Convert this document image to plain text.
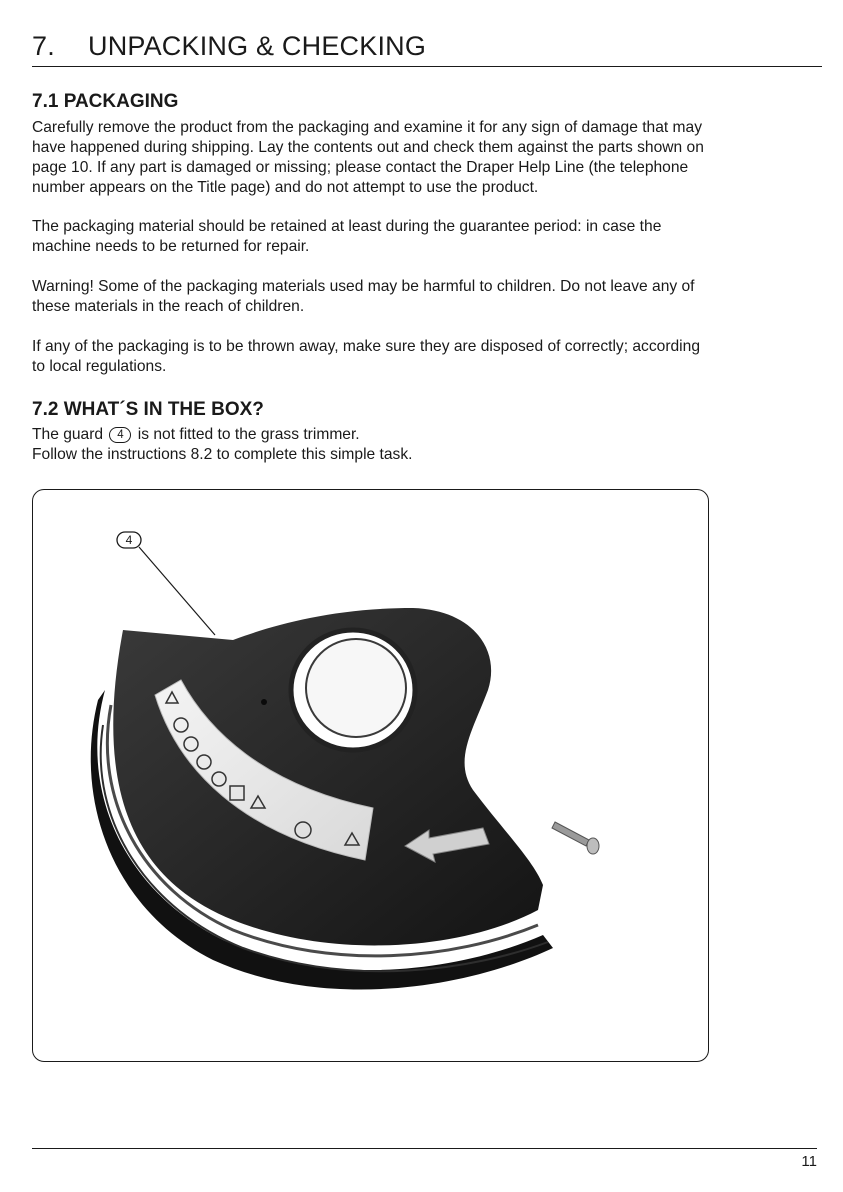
7. UNPACKING & CHECKING
7.1 PACKAGING
Carefully remove the product from the packaging and examine it for any sign of damage that may
have happened during shipping. Lay the contents out and check them against the parts shown on
page 10. If any part is damaged or missing; please contact the Draper Help Line (the telephone
number appears on the Title page) and do not attempt to use the product.
The packaging material should be retained at least during the guarantee period: in case the
machine needs to be returned for repair.
Warning! Some of the packaging materials used may be harmful to children. Do not leave any of
these materials in the reach of children.
If any of the packaging is to be thrown away, make sure they are disposed of correctly; according
to local regulations.
7.2 WHAT´S IN THE BOX?
The guard 4 is not fitted to the grass trimmer.
Follow the instructions 8.2 to complete this simple task.
4
11
